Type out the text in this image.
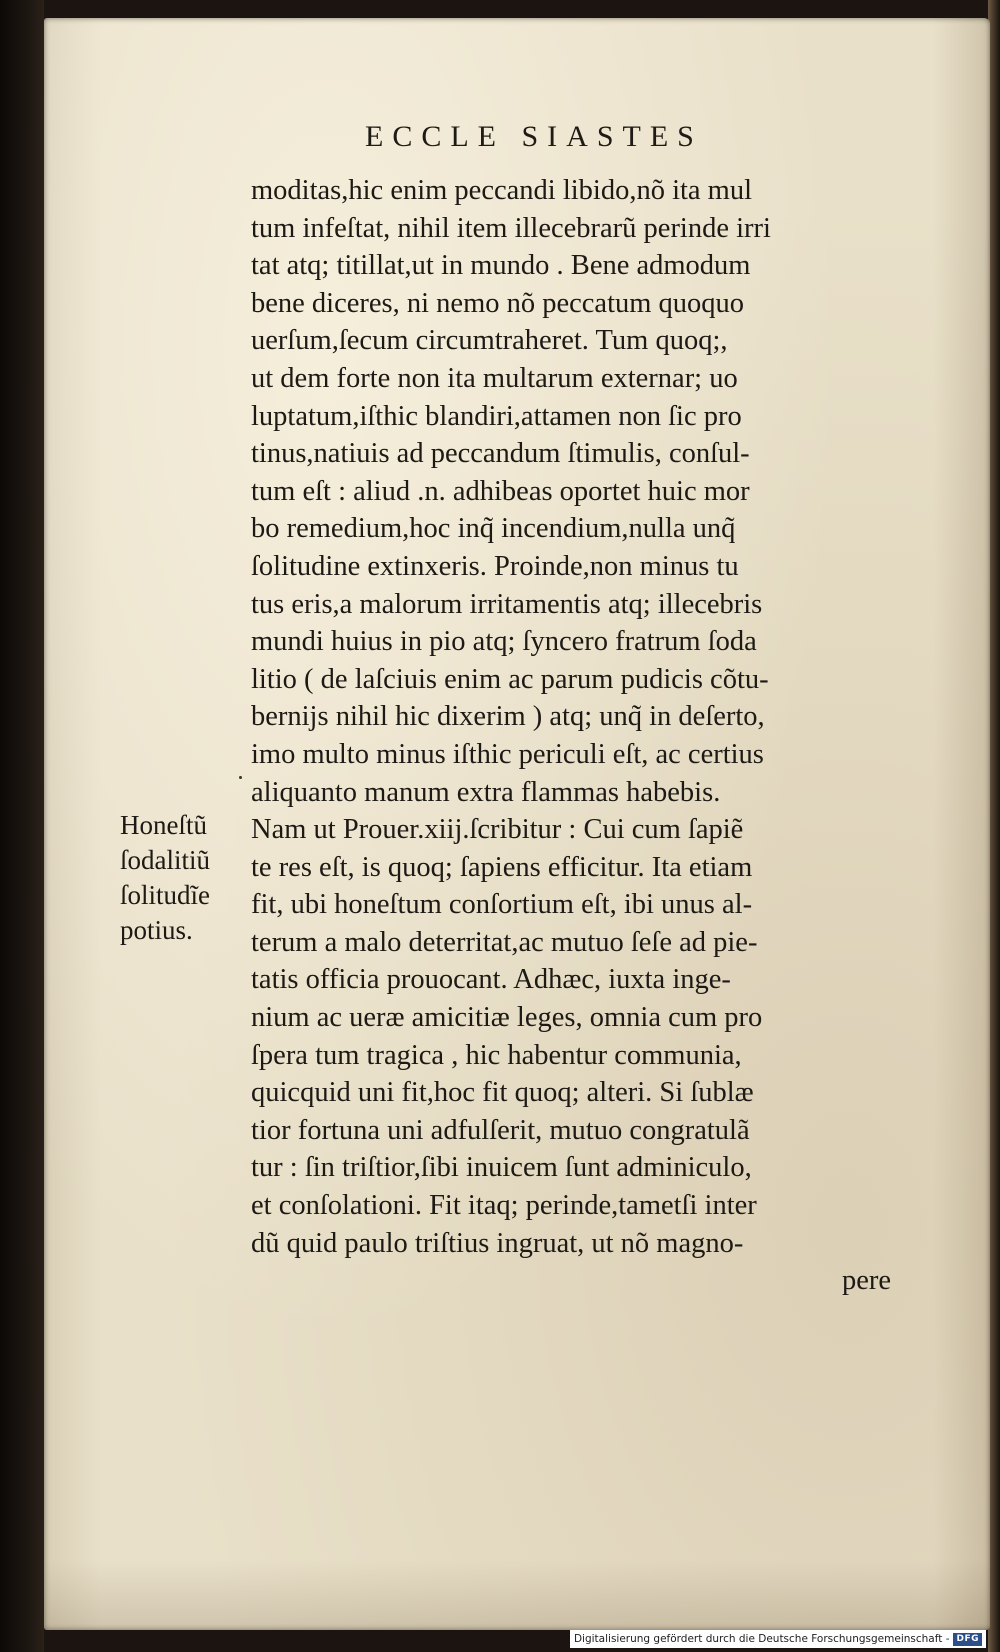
ECCLE SIASTES
moditas,hic enim peccandi libido,nõ ita mul
tum infeſtat, nihil item illecebrarũ perinde irri
tat atq; titillat,ut in mundo . Bene admodum
bene diceres, ni nemo nõ peccatum quoquo
uerſum,ſecum circumtraheret. Tum quoq;,
ut dem forte non ita multarum externar; uo
luptatum,iſthic blandiri,attamen non ſic pro
tinus,natiuis ad peccandum ſtimulis, conſul-
tum eſt : aliud .n. adhibeas oportet huic mor
bo remedium,hoc inq̃ incendium,nulla unq̃
ſolitudine extinxeris. Proinde,non minus tu
tus eris,a malorum irritamentis atq; illecebris
mundi huius in pio atq; ſyncero fratrum ſoda
litio ( de laſciuis enim ac parum pudicis cõtu-
bernijs nihil hic dixerim ) atq; unq̃ in deſerto,
imo multo minus iſthic periculi eſt, ac certius
aliquanto manum extra flammas habebis.
Nam ut Prouer.xiij.ſcribitur : Cui cum ſapiẽ
te res eſt, is quoq; ſapiens efficitur. Ita etiam
fit, ubi honeſtum conſortium eſt, ibi unus al-
terum a malo deterritat,ac mutuo ſeſe ad pie-
tatis officia prouocant. Adhæc, iuxta inge-
nium ac ueræ amicitiæ leges, omnia cum pro
ſpera tum tragica , hic habentur communia,
quicquid uni fit,hoc fit quoq; alteri. Si ſublæ
tior fortuna uni adfulſerit, mutuo congratulã
tur : ſin triſtior,ſibi inuicem ſunt adminiculo,
et conſolationi. Fit itaq; perinde,tametſi inter
dũ quid paulo triſtius ingruat, ut nõ magno-
pere
Honeſtũ
ſodalitiũ
ſolitudĩe
potius.
Digitalisierung gefördert durch die Deutsche Forschungsgemeinschaft - DFG
